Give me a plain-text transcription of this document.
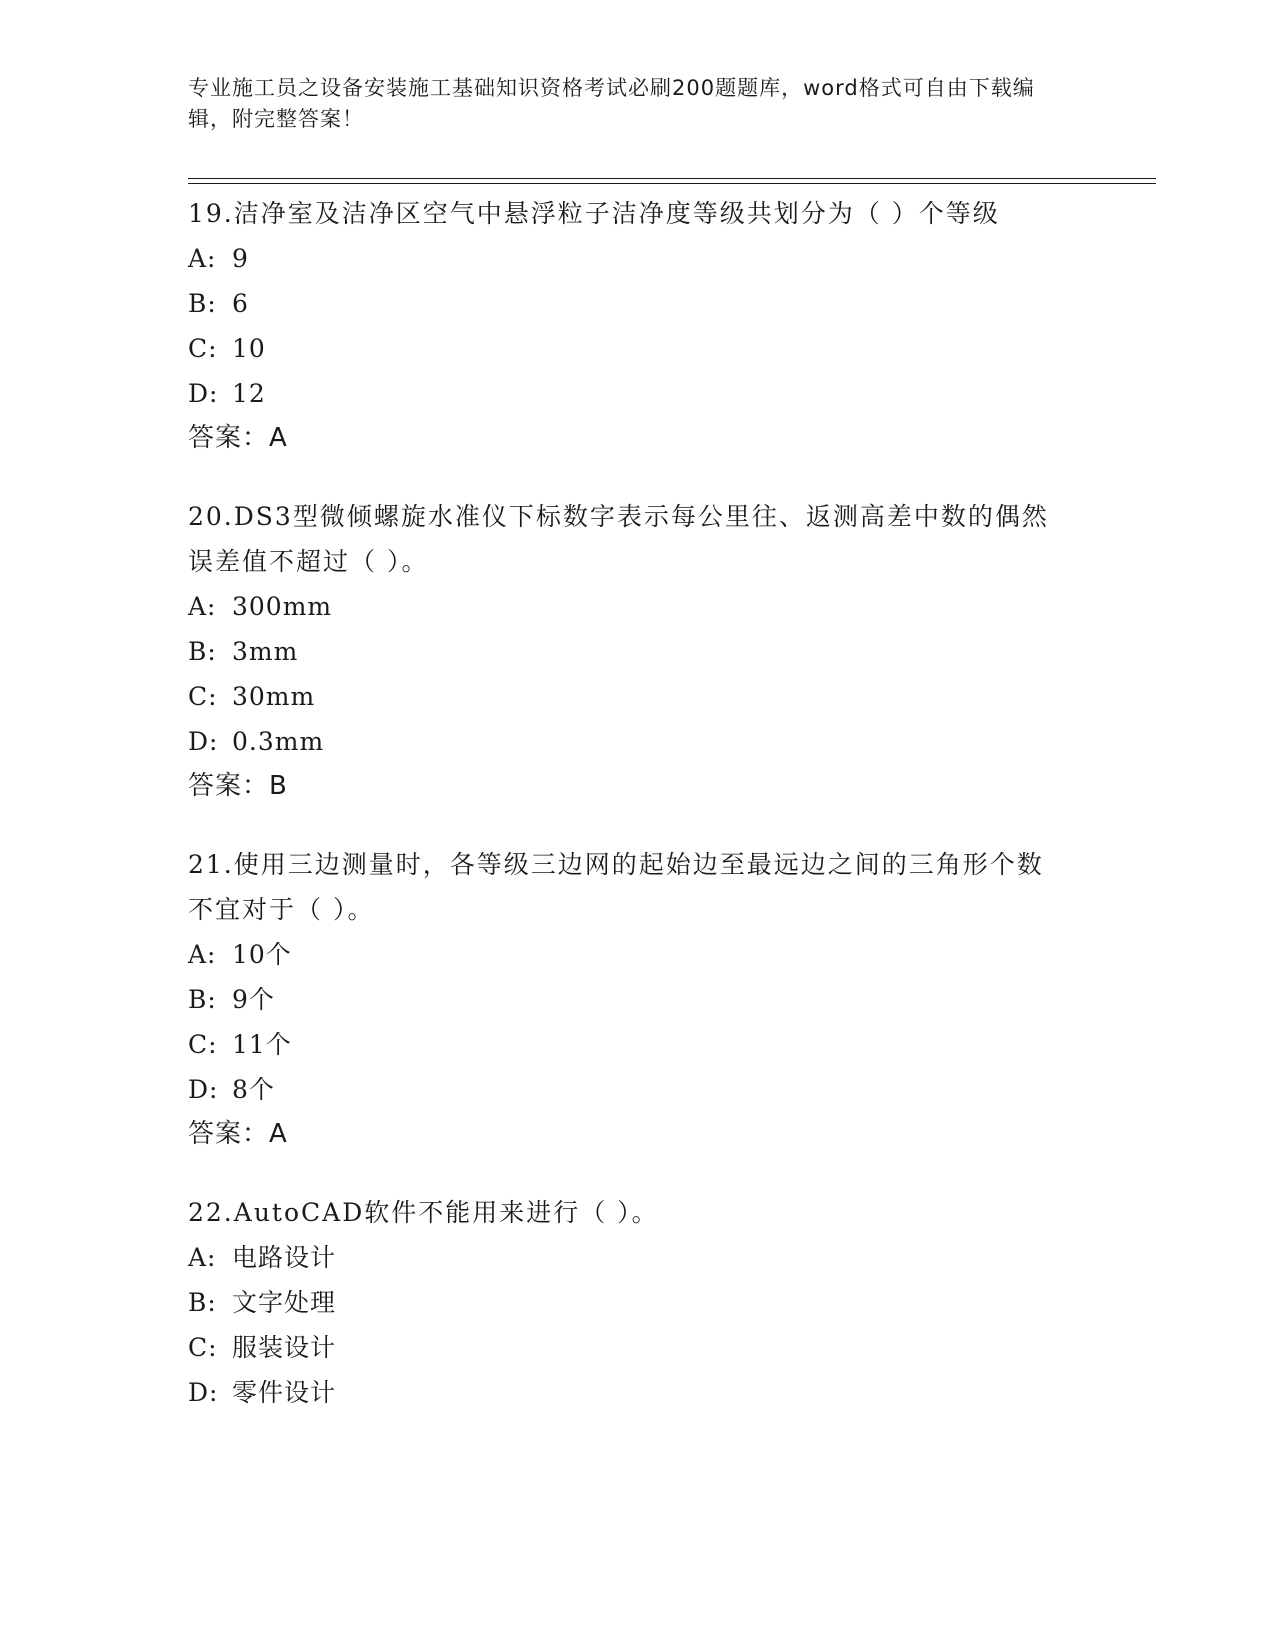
专业施工员之设备安装施工基础知识资格考试必刷200题题库，word格式可自由下载编辑，附完整答案！

19.洁净室及洁净区空气中悬浮粒子洁净度等级共划分为（ ）个等级

A: 9
B: 6
C: 10
D: 12
答案：A

20.DS3型微倾螺旋水准仪下标数字表示每公里往、返测高差中数的偶然误差值不超过（ ）。

A: 300mm
B: 3mm
C: 30mm
D: 0.3mm
答案：B

21.使用三边测量时，各等级三边网的起始边至最远边之间的三角形个数不宜对于（ ）。

A: 10个
B: 9个
C: 11个
D: 8个
答案：A

22.AutoCAD软件不能用来进行（ ）。

A: 电路设计
B: 文字处理
C: 服装设计
D: 零件设计
